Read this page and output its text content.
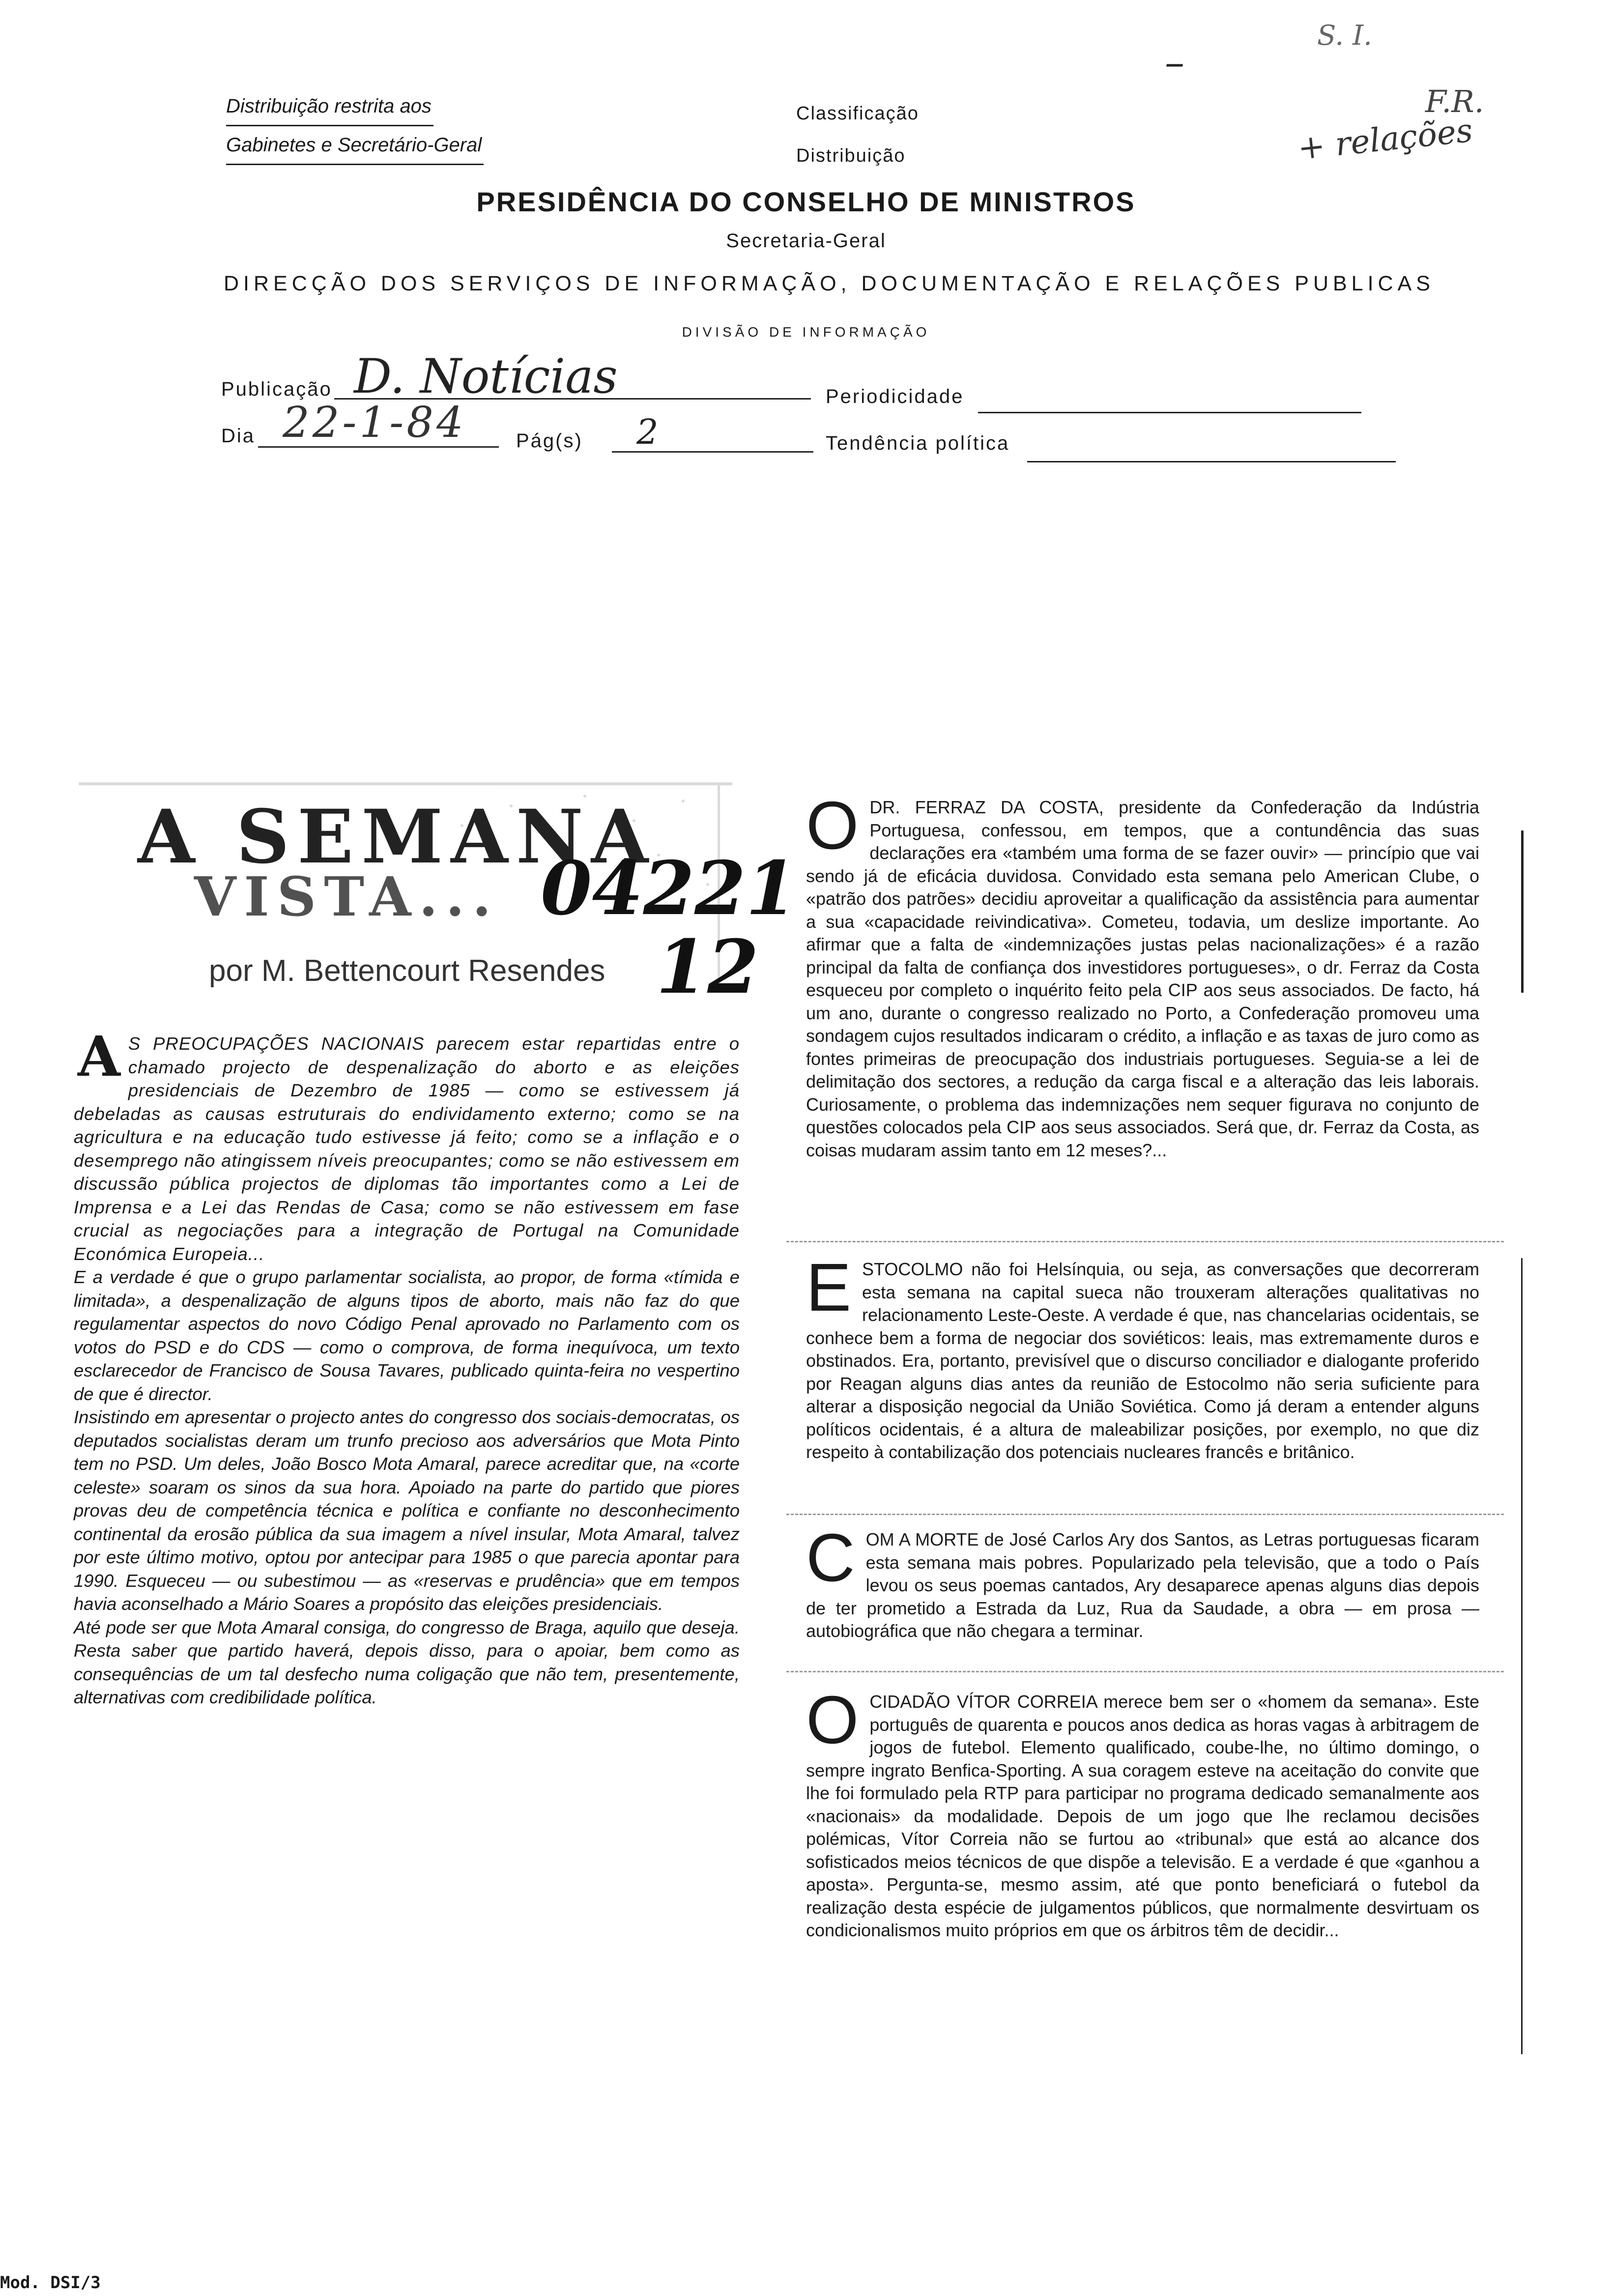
Distribuição restrita aos
Gabinetes e Secretário-Geral
Classificação
Distribuição
–
S. I.
F.R.
+ relações
PRESIDÊNCIA DO CONSELHO DE MINISTROS
Secretaria-Geral
DIRECÇÃO DOS SERVIÇOS DE INFORMAÇÃO, DOCUMENTAÇÃO E RELAÇÕES PUBLICAS
DIVISÃO DE INFORMAÇÃO
Publicação D. Notícias	Periodicidade
Dia 22-1-84	Pág(s) 2	Tendência política
A SEMANA
VISTA...
por M. Bettencourt Resendes
04221
12

A S PREOCUPAÇÕES NACIONAIS parecem estar repartidas entre o chamado projecto de despenalização do aborto e as eleições presidenciais de Dezembro de 1985 — como se estivessem já debeladas as causas estruturais do endividamento externo; como se na agricultura e na educação tudo estivesse já feito; como se a inflação e o desemprego não atingissem níveis preocupantes; como se não estivessem em discussão pública projectos de diplomas tão importantes como a Lei de Imprensa e a Lei das Rendas de Casa; como se não estivessem em fase crucial as negociações para a integração de Portugal na Comunidade Económica Europeia...

E a verdade é que o grupo parlamentar socialista, ao propor, de forma «tímida e limitada», a despenalização de alguns tipos de aborto, mais não faz do que regulamentar aspectos do novo Código Penal aprovado no Parlamento com os votos do PSD e do CDS — como o comprova, de forma inequívoca, um texto esclarecedor de Francisco de Sousa Tavares, publicado quinta-feira no vespertino de que é director.

Insistindo em apresentar o projecto antes do congresso dos sociais-democratas, os deputados socialistas deram um trunfo precioso aos adversários que Mota Pinto tem no PSD. Um deles, João Bosco Mota Amaral, parece acreditar que, na «corte celeste» soaram os sinos da sua hora. Apoiado na parte do partido que piores provas deu de competência técnica e política e confiante no desconhecimento continental da erosão pública da sua imagem a nível insular, Mota Amaral, talvez por este último motivo, optou por antecipar para 1985 o que parecia apontar para 1990. Esqueceu — ou subestimou — as «reservas e prudência» que em tempos havia aconselhado a Mário Soares a propósito das eleições presidenciais.

Até pode ser que Mota Amaral consiga, do congresso de Braga, aquilo que deseja. Resta saber que partido haverá, depois disso, para o apoiar, bem como as consequências de um tal desfecho numa coligação que não tem, presentemente, alternativas com credibilidade política.

ODR. FERRAZ DA COSTA, presidente da Confederação da Indústria Portuguesa, confessou, em tempos, que a contundência das suas declarações era «também uma forma de se fazer ouvir» — princípio que vai sendo já de eficácia duvidosa. Convidado esta semana pelo American Clube, o «patrão dos patrões» decidiu aproveitar a qualificação da assistência para aumentar a sua «capacidade reivindicativa». Cometeu, todavia, um deslize importante. Ao afirmar que a falta de «indemnizações justas pelas nacionalizações» é a razão principal da falta de confiança dos investidores portugueses», o dr. Ferraz da Costa esqueceu por completo o inquérito feito pela CIP aos seus associados. De facto, há um ano, durante o congresso realizado no Porto, a Confederação promoveu uma sondagem cujos resultados indicaram o crédito, a inflação e as taxas de juro como as fontes primeiras de preocupação dos industriais portugueses. Seguia-se a lei de delimitação dos sectores, a redução da carga fiscal e a alteração das leis laborais. Curiosamente, o problema das indemnizações nem sequer figurava no conjunto de questões colocados pela CIP aos seus associados. Será que, dr. Ferraz da Costa, as coisas mudaram assim tanto em 12 meses?...

ESTOCOLMO não foi Helsínquia, ou seja, as conversações que decorreram esta semana na capital sueca não trouxeram alterações qualitativas no relacionamento Leste-Oeste. A verdade é que, nas chancelarias ocidentais, se conhece bem a forma de negociar dos soviéticos: leais, mas extremamente duros e obstinados. Era, portanto, previsível que o discurso conciliador e dialogante proferido por Reagan alguns dias antes da reunião de Estocolmo não seria suficiente para alterar a disposição negocial da União Soviética. Como já deram a entender alguns políticos ocidentais, é a altura de maleabilizar posições, por exemplo, no que diz respeito à contabilização dos potenciais nucleares francês e britânico.

COM A MORTE de José Carlos Ary dos Santos, as Letras portuguesas ficaram esta semana mais pobres. Popularizado pela televisão, que a todo o País levou os seus poemas cantados, Ary desaparece apenas alguns dias depois de ter prometido a Estrada da Luz, Rua da Saudade, a obra — em prosa — autobiográfica que não chegara a terminar.

OCIDADÃO VÍTOR CORREIA merece bem ser o «homem da semana». Este português de quarenta e poucos anos dedica as horas vagas à arbitragem de jogos de futebol. Elemento qualificado, coube-lhe, no último domingo, o sempre ingrato Benfica-Sporting. A sua coragem esteve na aceitação do convite que lhe foi formulado pela RTP para participar no programa dedicado semanalmente aos «nacionais» da modalidade. Depois de um jogo que lhe reclamou decisões polémicas, Vítor Correia não se furtou ao «tribunal» que está ao alcance dos sofisticados meios técnicos de que dispõe a televisão. E a verdade é que «ganhou a aposta». Pergunta-se, mesmo assim, até que ponto beneficiará o futebol da realização desta espécie de julgamentos públicos, que normalmente desvirtuam os condicionalismos muito próprios em que os árbitros têm de decidir...

Mod. DSI/3
